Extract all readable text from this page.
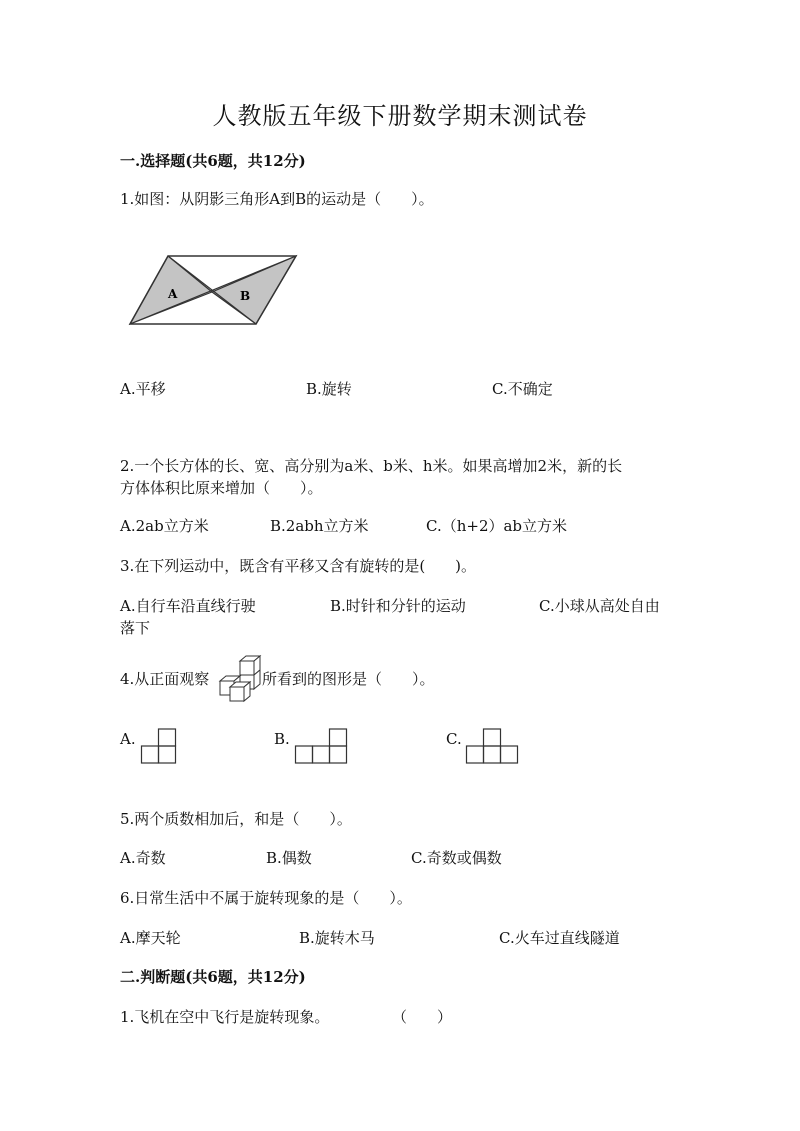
人教版五年级下册数学期末测试卷
一.选择题(共6题，共12分)
1.如图：从阴影三角形A到B的运动是（　　）。
A	B
A.平移	B.旋转	C.不确定
2.一个长方体的长、宽、高分别为a米、b米、h米。如果高增加2米，新的长
方体体积比原来增加（　　）。
A.2ab立方米	B.2abh立方米	C.（h+2）ab立方米
3.在下列运动中，既含有平移又含有旋转的是(　　)。
A.自行车沿直线行驶	B.时针和分针的运动	C.小球从高处自由
落下
4.从正面观察	所看到的图形是（　　）。
A.	B.	C.
5.两个质数相加后，和是（　　）。
A.奇数	B.偶数	C.奇数或偶数
6.日常生活中不属于旋转现象的是（　　）。
A.摩天轮	B.旋转木马	C.火车过直线隧道
二.判断题(共6题，共12分)
1.飞机在空中飞行是旋转现象。	（　　）
